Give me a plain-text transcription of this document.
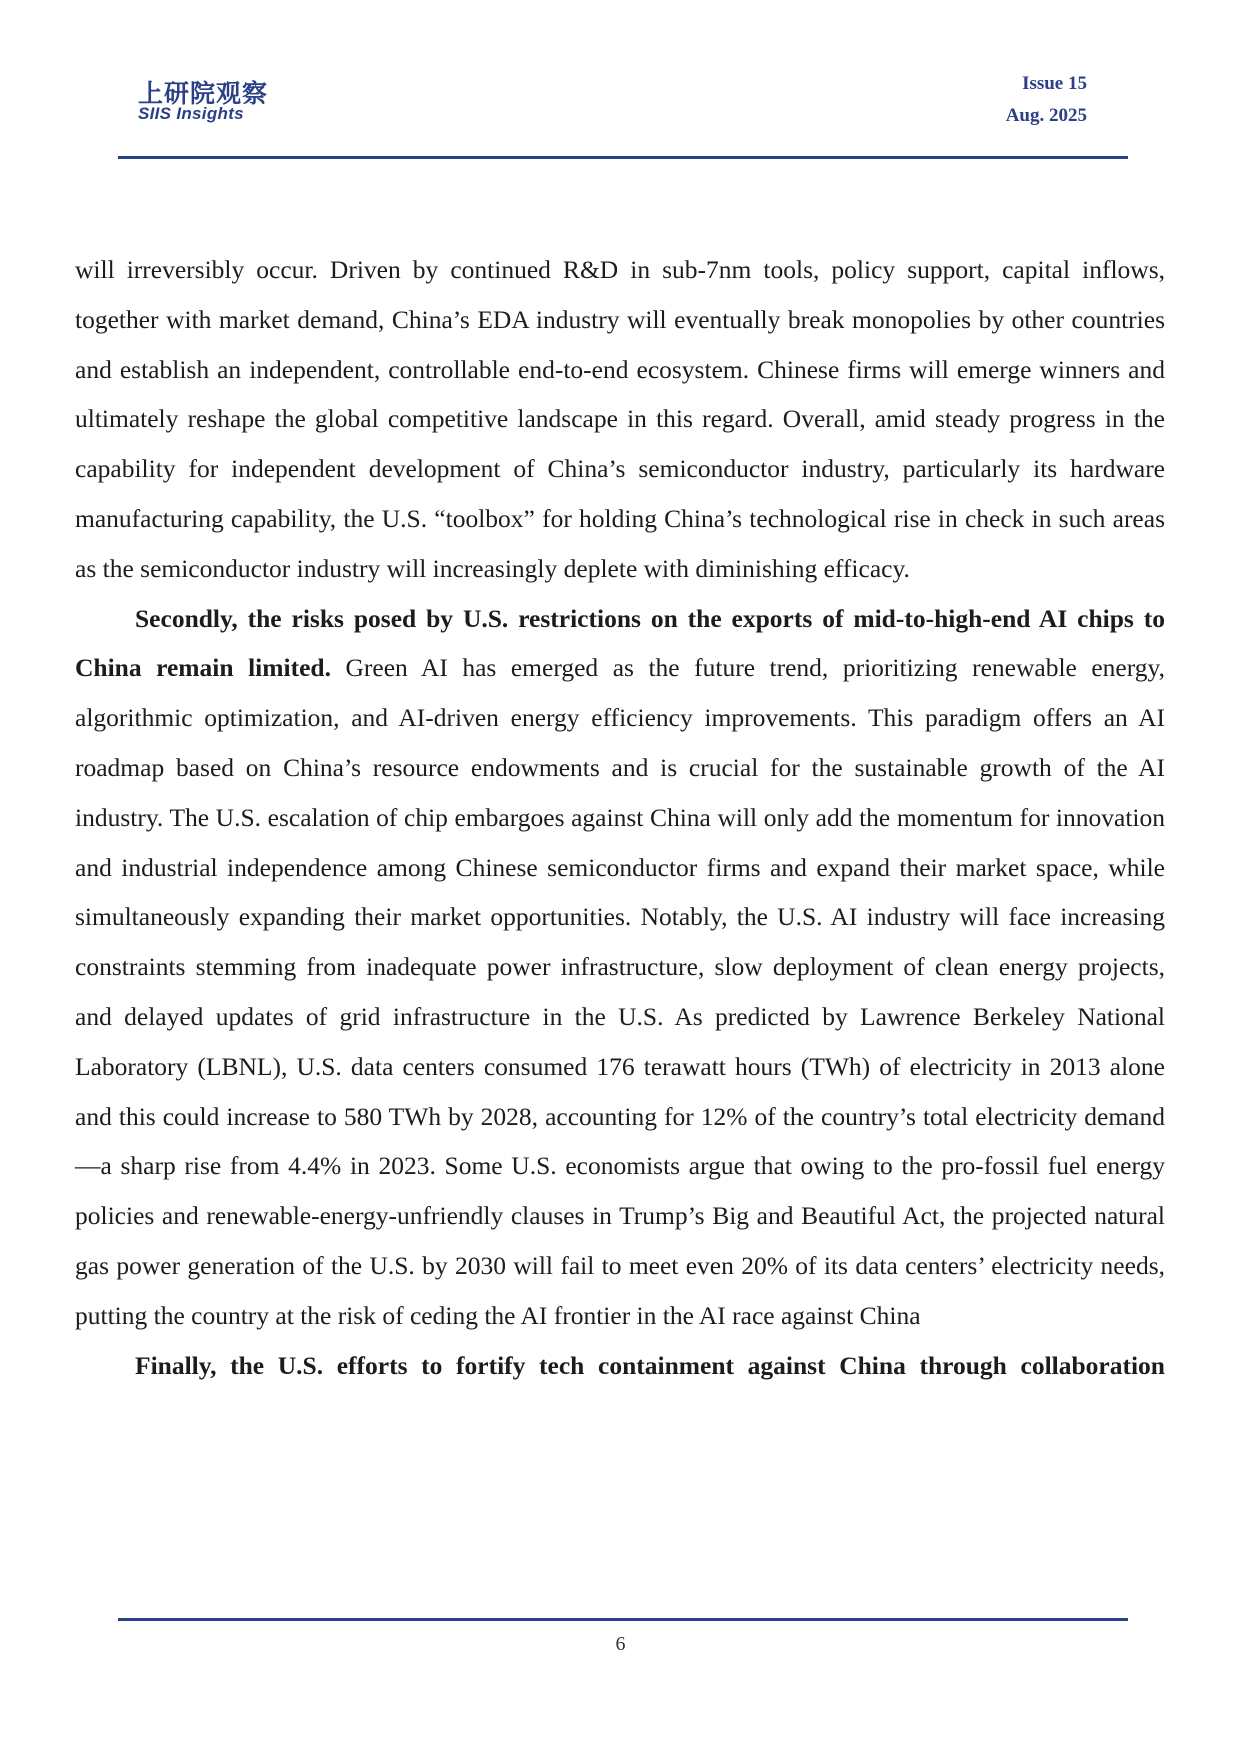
上研院观察
SIIS Insights
Issue 15
Aug. 2025

will irreversibly occur. Driven by continued R&D in sub-7nm tools, policy support, capital inflows, together with market demand, China’s EDA industry will eventually break monopolies by other countries and establish an independent, controllable end-to-end ecosystem. Chinese firms will emerge winners and ultimately reshape the global competitive landscape in this regard. Overall, amid steady progress in the capability for independent development of China’s semiconductor industry, particularly its hardware manufacturing capability, the U.S. “toolbox” for holding China’s technological rise in check in such areas as the semiconductor industry will increasingly deplete with diminishing efficacy.

Secondly, the risks posed by U.S. restrictions on the exports of mid-to-high-end AI chips to China remain limited. Green AI has emerged as the future trend, prioritizing renewable energy, algorithmic optimization, and AI-driven energy efficiency improvements. This paradigm offers an AI roadmap based on China’s resource endowments and is crucial for the sustainable growth of the AI industry. The U.S. escalation of chip embargoes against China will only add the momentum for innovation and industrial independence among Chinese semiconductor firms and expand their market space, while simultaneously expanding their market opportunities. Notably, the U.S. AI industry will face increasing constraints stemming from inadequate power infrastructure, slow deployment of clean energy projects, and delayed updates of grid infrastructure in the U.S. As predicted by Lawrence Berkeley National Laboratory (LBNL), U.S. data centers consumed 176 terawatt hours (TWh) of electricity in 2013 alone and this could increase to 580 TWh by 2028, accounting for 12% of the country’s total electricity demand—a sharp rise from 4.4% in 2023. Some U.S. economists argue that owing to the pro-fossil fuel energy policies and renewable-energy-unfriendly clauses in Trump’s Big and Beautiful Act, the projected natural gas power generation of the U.S. by 2030 will fail to meet even 20% of its data centers’ electricity needs, putting the country at the risk of ceding the AI frontier in the AI race against China

Finally, the U.S. efforts to fortify tech containment against China through collaboration

6
